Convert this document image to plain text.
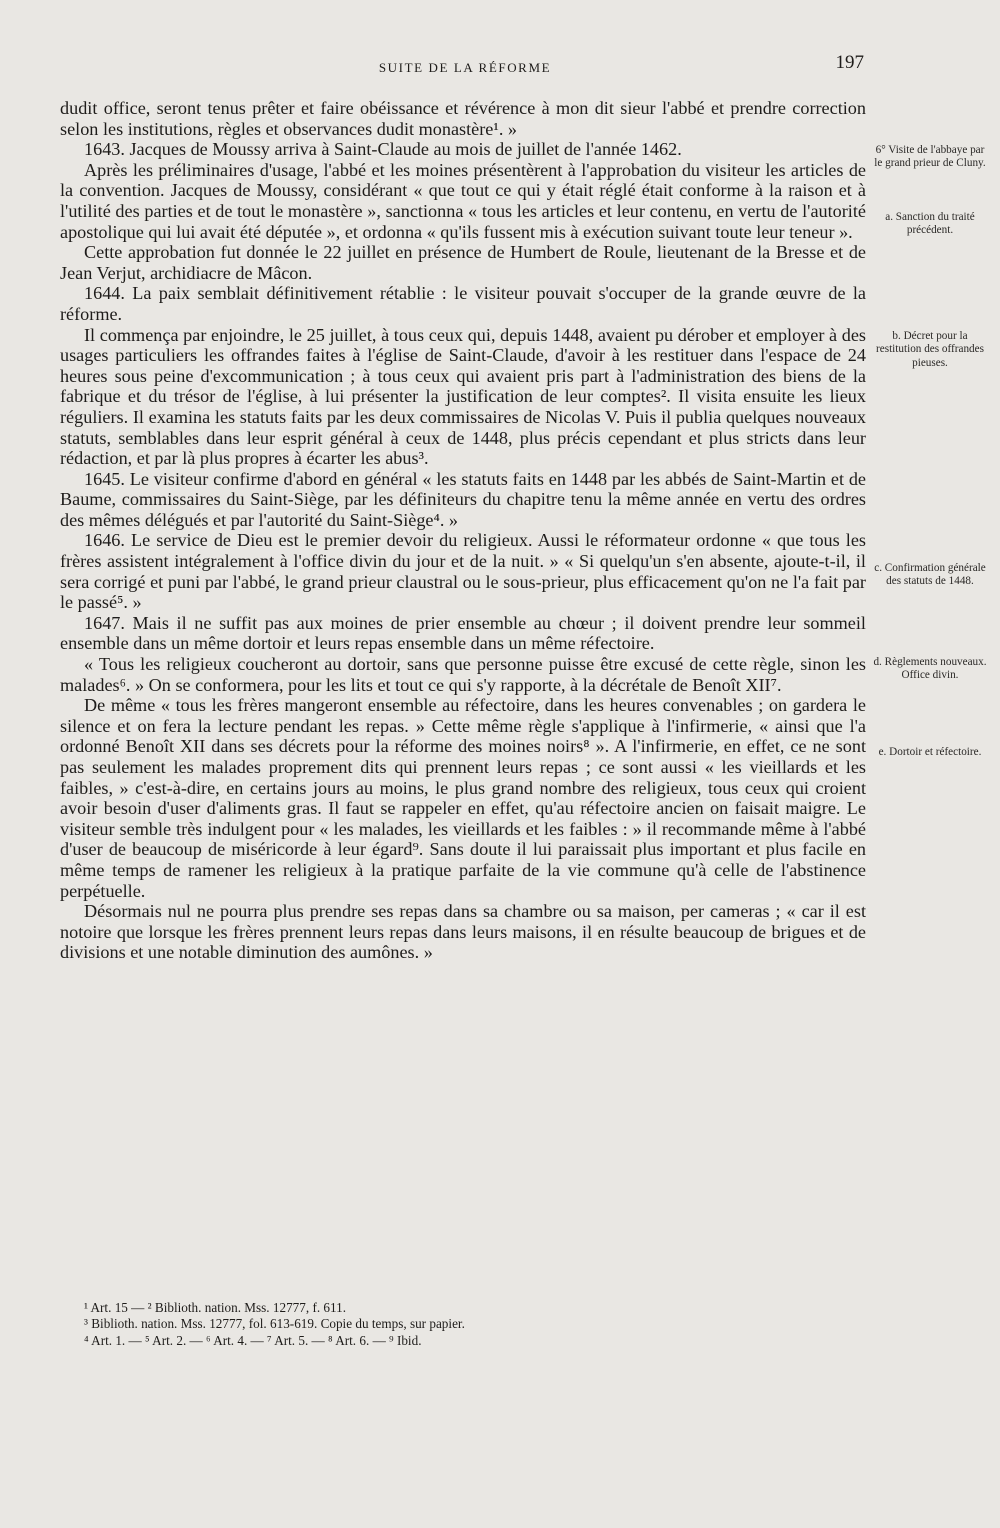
SUITE DE LA RÉFORME	197

dudit office, seront tenus prêter et faire obéissance et révérence à mon dit sieur l'abbé et prendre correction selon les institutions, règles et observances dudit monastère¹. »

1643. Jacques de Moussy arriva à Saint-Claude au mois de juillet de l'année 1462.

Après les préliminaires d'usage, l'abbé et les moines présentèrent à l'approbation du visiteur les articles de la convention. Jacques de Moussy, considérant « que tout ce qui y était réglé était conforme à la raison et à l'utilité des parties et de tout le monastère », sanctionna « tous les articles et leur contenu, en vertu de l'autorité apostolique qui lui avait été députée », et ordonna « qu'ils fussent mis à exécution suivant toute leur teneur ».

Cette approbation fut donnée le 22 juillet en présence de Humbert de Roule, lieutenant de la Bresse et de Jean Verjut, archidiacre de Mâcon.

1644. La paix semblait définitivement rétablie : le visiteur pouvait s'occuper de la grande œuvre de la réforme.

Il commença par enjoindre, le 25 juillet, à tous ceux qui, depuis 1448, avaient pu dérober et employer à des usages particuliers les offrandes faites à l'église de Saint-Claude, d'avoir à les restituer dans l'espace de 24 heures sous peine d'excommunication ; à tous ceux qui avaient pris part à l'administration des biens de la fabrique et du trésor de l'église, à lui présenter la justification de leur comptes². Il visita ensuite les lieux réguliers. Il examina les statuts faits par les deux commissaires de Nicolas V. Puis il publia quelques nouveaux statuts, semblables dans leur esprit général à ceux de 1448, plus précis cependant et plus stricts dans leur rédaction, et par là plus propres à écarter les abus³.

1645. Le visiteur confirme d'abord en général « les statuts faits en 1448 par les abbés de Saint-Martin et de Baume, commissaires du Saint-Siège, par les définiteurs du chapitre tenu la même année en vertu des ordres des mêmes délégués et par l'autorité du Saint-Siège⁴. »

1646. Le service de Dieu est le premier devoir du religieux. Aussi le réformateur ordonne « que tous les frères assistent intégralement à l'office divin du jour et de la nuit. » « Si quelqu'un s'en absente, ajoute-t-il, il sera corrigé et puni par l'abbé, le grand prieur claustral ou le sous-prieur, plus efficacement qu'on ne l'a fait par le passé⁵. »

1647. Mais il ne suffit pas aux moines de prier ensemble au chœur ; il doivent prendre leur sommeil ensemble dans un même dortoir et leurs repas ensemble dans un même réfectoire.

« Tous les religieux coucheront au dortoir, sans que personne puisse être excusé de cette règle, sinon les malades⁶. » On se conformera, pour les lits et tout ce qui s'y rapporte, à la décrétale de Benoît XII⁷.

De même « tous les frères mangeront ensemble au réfectoire, dans les heures convenables ; on gardera le silence et on fera la lecture pendant les repas. » Cette même règle s'applique à l'infirmerie, « ainsi que l'a ordonné Benoît XII dans ses décrets pour la réforme des moines noirs⁸ ». A l'infirmerie, en effet, ce ne sont pas seulement les malades proprement dits qui prennent leurs repas ; ce sont aussi « les vieillards et les faibles, » c'est-à-dire, en certains jours au moins, le plus grand nombre des religieux, tous ceux qui croient avoir besoin d'user d'aliments gras. Il faut se rappeler en effet, qu'au réfectoire ancien on faisait maigre. Le visiteur semble très indulgent pour « les malades, les vieillards et les faibles : » il recommande même à l'abbé d'user de beaucoup de miséricorde à leur égard⁹. Sans doute il lui paraissait plus important et plus facile en même temps de ramener les religieux à la pratique parfaite de la vie commune qu'à celle de l'abstinence perpétuelle.

Désormais nul ne pourra plus prendre ses repas dans sa chambre ou sa maison, per cameras ; « car il est notoire que lorsque les frères prennent leurs repas dans leurs maisons, il en résulte beaucoup de brigues et de divisions et une notable diminution des aumônes. »

6° Visite de l'abbaye par le grand prieur de Cluny.
a. Sanction du traité précédent.
b. Décret pour la restitution des offrandes pieuses.
c. Confirmation générale des statuts de 1448.
d. Règlements nouveaux. Office divin.
e. Dortoir et réfectoire.
¹ Art. 15 — ² Biblioth. nation. Mss. 12777, f. 611.
³ Biblioth. nation. Mss. 12777, fol. 613-619. Copie du temps, sur papier.
⁴ Art. 1. — ⁵ Art. 2. — ⁶ Art. 4. — ⁷ Art. 5. — ⁸ Art. 6. — ⁹ Ibid.
